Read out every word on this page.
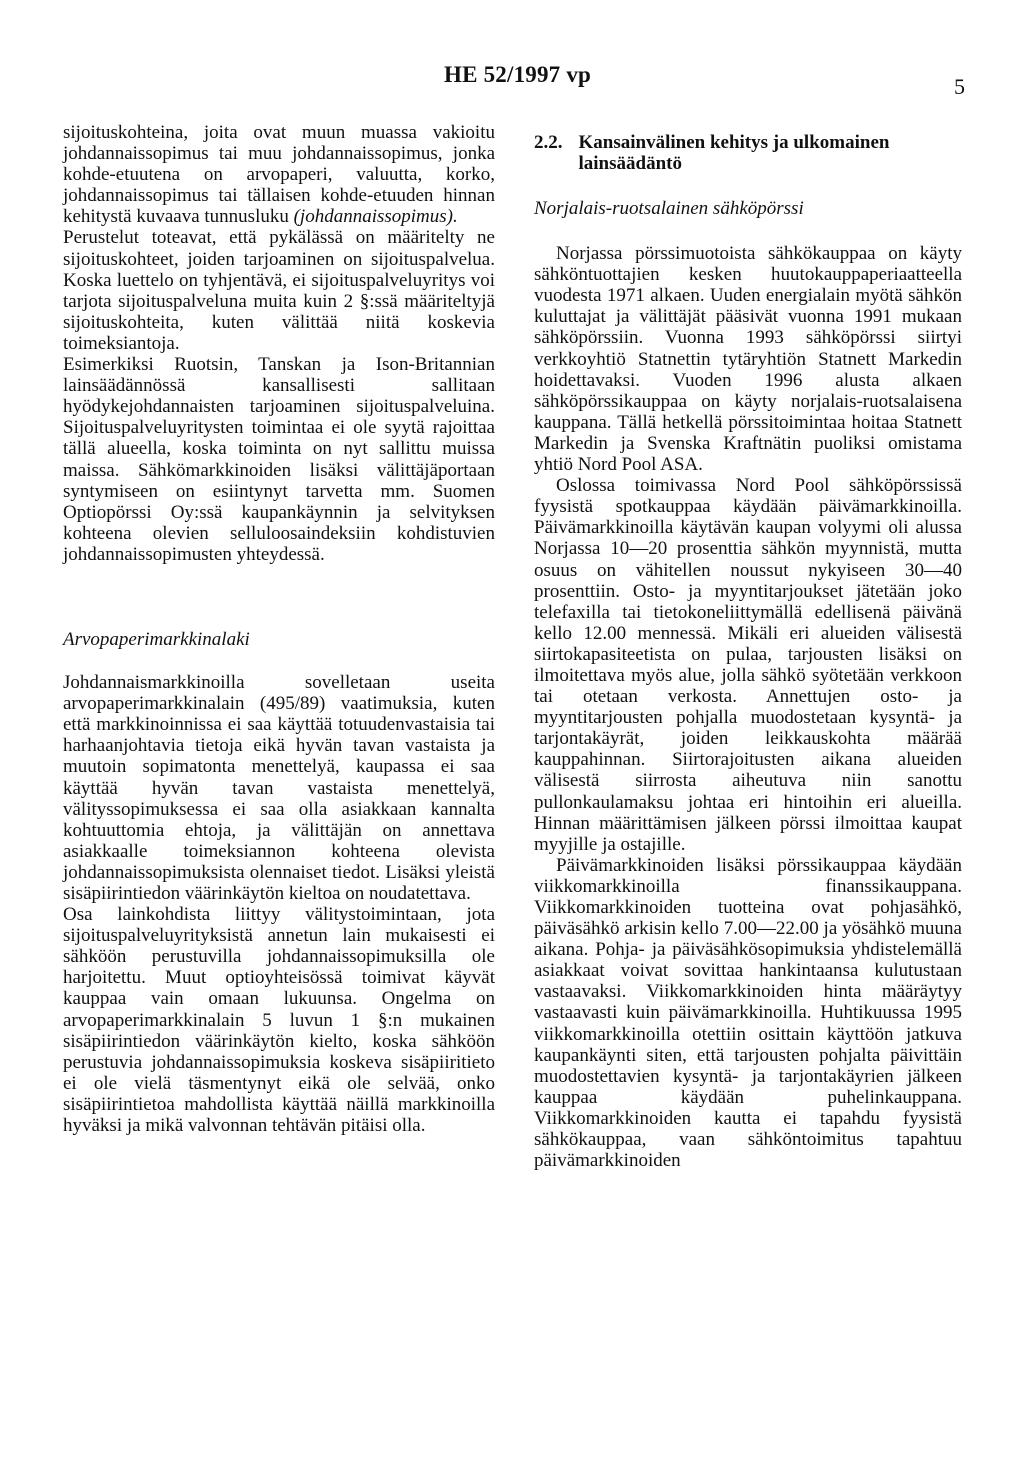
HE 52/1997 vp	5

sijoituskohteina, joita ovat muun muassa vakioitu johdannaissopimus tai muu johdannaissopimus, jonka kohde-etuutena on arvopaperi, valuutta, korko, johdannaissopimus tai tällaisen kohde-etuuden hinnan kehitystä kuvaava tunnusluku (johdannaissopimus).

Perustelut toteavat, että pykälässä on määritelty ne sijoituskohteet, joiden tarjoaminen on sijoituspalvelua. Koska luettelo on tyhjentävä, ei sijoituspalveluyritys voi tarjota sijoituspalveluna muita kuin 2 §:ssä määriteltyjä sijoituskohteita, kuten välittää niitä koskevia toimeksiantoja.

Esimerkiksi Ruotsin, Tanskan ja Ison-Britannian lainsäädännössä kansallisesti sallitaan hyödykejohdannaisten tarjoaminen sijoituspalveluina. Sijoituspalveluyritysten toimintaa ei ole syytä rajoittaa tällä alueella, koska toiminta on nyt sallittu muissa maissa. Sähkömarkkinoiden lisäksi välittäjäportaan syntymiseen on esiintynyt tarvetta mm. Suomen Optiopörssi Oy:ssä kaupankäynnin ja selvityksen kohteena olevien selluloosaindeksiin kohdistuvien johdannaissopimusten yhteydessä.

Arvopaperimarkkinalaki

Johdannaismarkkinoilla sovelletaan useita arvopaperimarkkinalain (495/89) vaatimuksia, kuten että markkinoinnissa ei saa käyttää totuudenvastaisia tai harhaanjohtavia tietoja eikä hyvän tavan vastaista ja muutoin sopimatonta menettelyä, kaupassa ei saa käyttää hyvän tavan vastaista menettelyä, välityssopimuksessa ei saa olla asiakkaan kannalta kohtuuttomia ehtoja, ja välittäjän on annettava asiakkaalle toimeksiannon kohteena olevista johdannaissopimuksista olennaiset tiedot. Lisäksi yleistä sisäpiirintiedon väärinkäytön kieltoa on noudatettava.

Osa lainkohdista liittyy välitystoimintaan, jota sijoituspalveluyrityksistä annetun lain mukaisesti ei sähköön perustuvilla johdannaissopimuksilla ole harjoitettu. Muut optioyhteisössä toimivat käyvät kauppaa vain omaan lukuunsa. Ongelma on arvopaperimarkkinalain 5 luvun 1 §:n mukainen sisäpiirintiedon väärinkäytön kielto, koska sähköön perustuvia johdannaissopimuksia koskeva sisäpiiritieto ei ole vielä täsmentynyt eikä ole selvää, onko sisäpiirintietoa mahdollista käyttää näillä markkinoilla hyväksi ja mikä valvonnan tehtävän pitäisi olla.

2.2. Kansainvälinen kehitys ja ulkomainen lainsäädäntö

Norjalais-ruotsalainen sähköpörssi

Norjassa pörssimuotoista sähkökauppaa on käyty sähköntuottajien kesken huutokauppaperiaatteella vuodesta 1971 alkaen. Uuden energialain myötä sähkön kuluttajat ja välittäjät pääsivät vuonna 1991 mukaan sähköpörssiin. Vuonna 1993 sähköpörssi siirtyi verkkoyhtiö Statnettin tytäryhtiön Statnett Markedin hoidettavaksi. Vuoden 1996 alusta alkaen sähköpörssikauppaa on käyty norjalais-ruotsalaisena kauppana. Tällä hetkellä pörssitoimintaa hoitaa Statnett Markedin ja Svenska Kraftnätin puoliksi omistama yhtiö Nord Pool ASA.

Oslossa toimivassa Nord Pool sähköpörssissä fyysistä spotkauppaa käydään päivämarkkinoilla. Päivämarkkinoilla käytävän kaupan volyymi oli alussa Norjassa 10—20 prosenttia sähkön myynnistä, mutta osuus on vähitellen noussut nykyiseen 30—40 prosenttiin. Osto- ja myyntitarjoukset jätetään joko telefaxilla tai tietokoneliittymällä edellisenä päivänä kello 12.00 mennessä. Mikäli eri alueiden välisestä siirtokapasiteetista on pulaa, tarjousten lisäksi on ilmoitettava myös alue, jolla sähkö syötetään verkkoon tai otetaan verkosta. Annettujen osto- ja myyntitarjousten pohjalla muodostetaan kysyntä- ja tarjontakäyrät, joiden leikkauskohta määrää kauppahinnan. Siirtorajoitusten aikana alueiden välisestä siirrosta aiheutuva niin sanottu pullonkaulamaksu johtaa eri hintoihin eri alueilla. Hinnan määrittämisen jälkeen pörssi ilmoittaa kaupat myyjille ja ostajille.

Päivämarkkinoiden lisäksi pörssikauppaa käydään viikkomarkkinoilla finanssikauppana. Viikkomarkkinoiden tuotteina ovat pohjasähkö, päiväsähkö arkisin kello 7.00—22.00 ja yösähkö muuna aikana. Pohja- ja päiväsähkösopimuksia yhdistelemällä asiakkaat voivat sovittaa hankintaansa kulutustaan vastaavaksi. Viikkomarkkinoiden hinta määräytyy vastaavasti kuin päivämarkkinoilla. Huhtikuussa 1995 viikkomarkkinoilla otettiin osittain käyttöön jatkuva kaupankäynti siten, että tarjousten pohjalta päivittäin muodostettavien kysyntä- ja tarjontakäyrien jälkeen kauppaa käydään puhelinkauppana. Viikkomarkkinoiden kautta ei tapahdu fyysistä sähkökauppaa, vaan sähköntoimitus tapahtuu päivämarkkinoiden
